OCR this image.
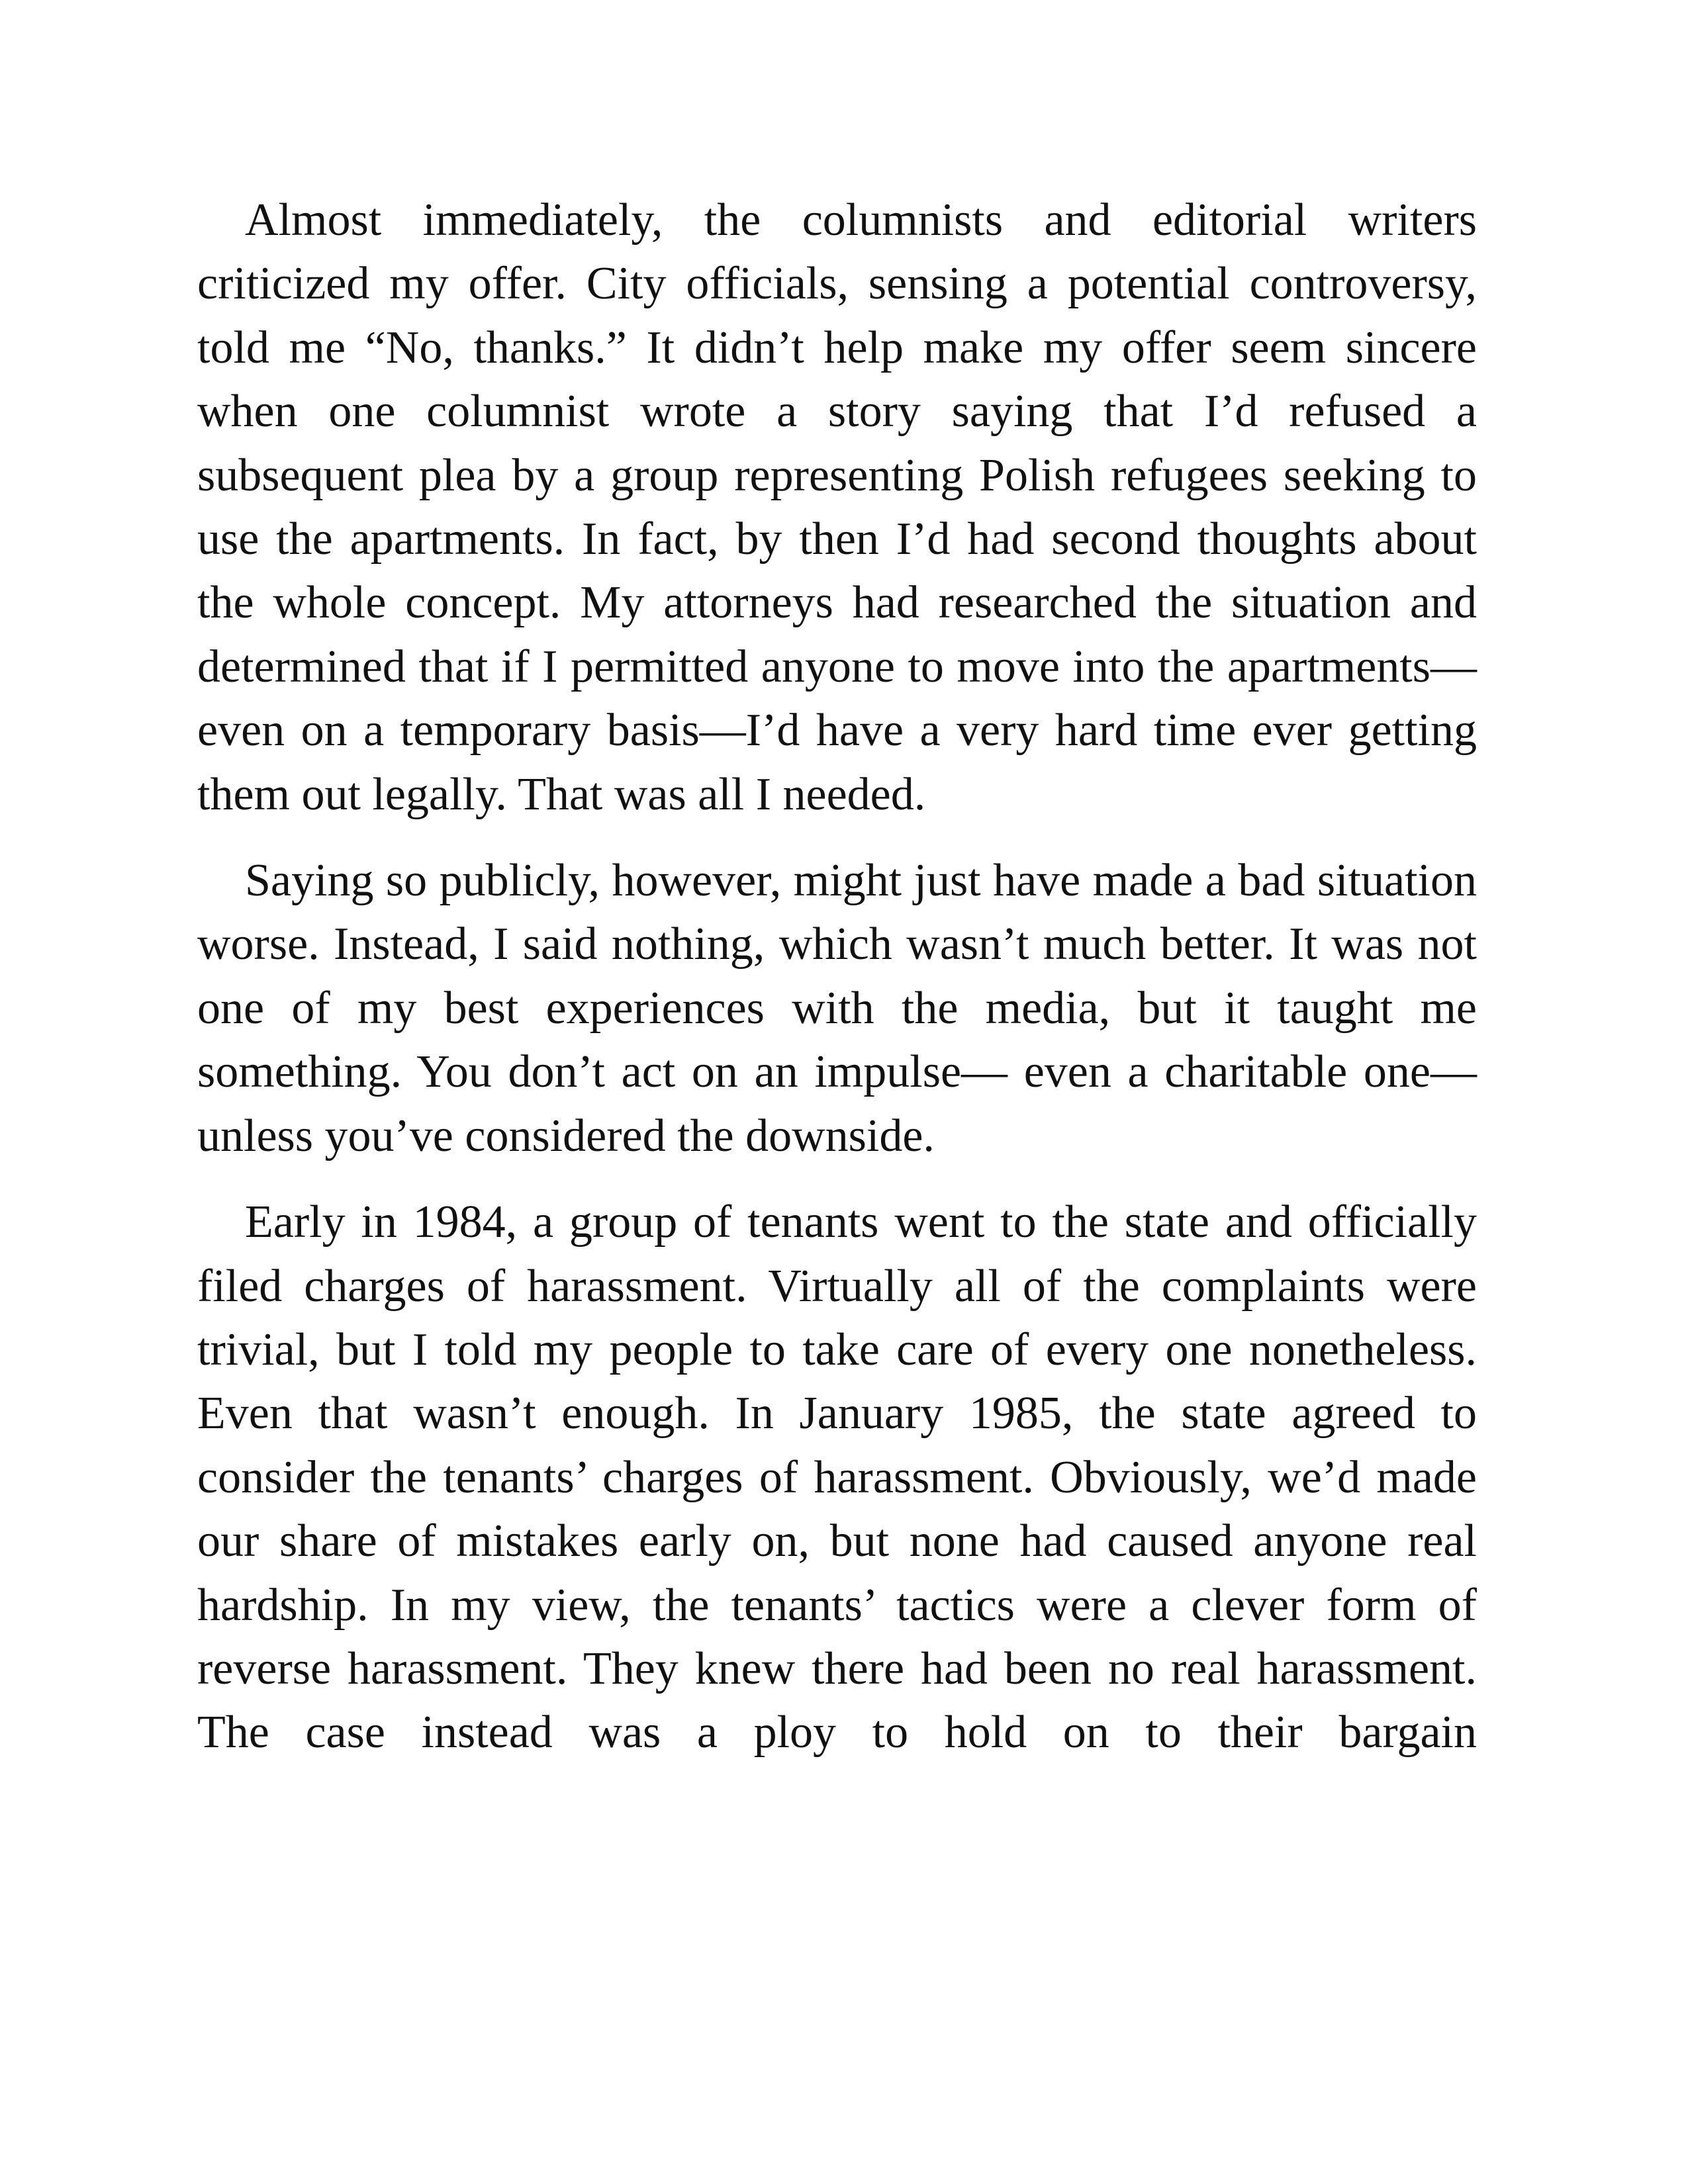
Almost immediately, the columnists and editorial writers criticized my offer. City officials, sensing a potential controversy, told me “No, thanks.” It didn’t help make my offer seem sincere when one columnist wrote a story saying that I’d refused a subsequent plea by a group representing Polish refugees seeking to use the apartments. In fact, by then I’d had second thoughts about the whole concept. My attorneys had researched the situation and determined that if I permitted anyone to move into the apartments—even on a temporary basis—I’d have a very hard time ever getting them out legally. That was all I needed.

Saying so publicly, however, might just have made a bad situation worse. Instead, I said nothing, which wasn’t much better. It was not one of my best experiences with the media, but it taught me something. You don’t act on an impulse— even a charitable one—unless you’ve considered the downside.

Early in 1984, a group of tenants went to the state and officially filed charges of harassment. Virtually all of the complaints were trivial, but I told my people to take care of every one nonetheless. Even that wasn’t enough. In January 1985, the state agreed to consider the tenants’ charges of harassment. Obviously, we’d made our share of mistakes early on, but none had caused anyone real hardship. In my view, the tenants’ tactics were a clever form of reverse harassment. They knew there had been no real harassment. The case instead was a ploy to hold on to their bargain
